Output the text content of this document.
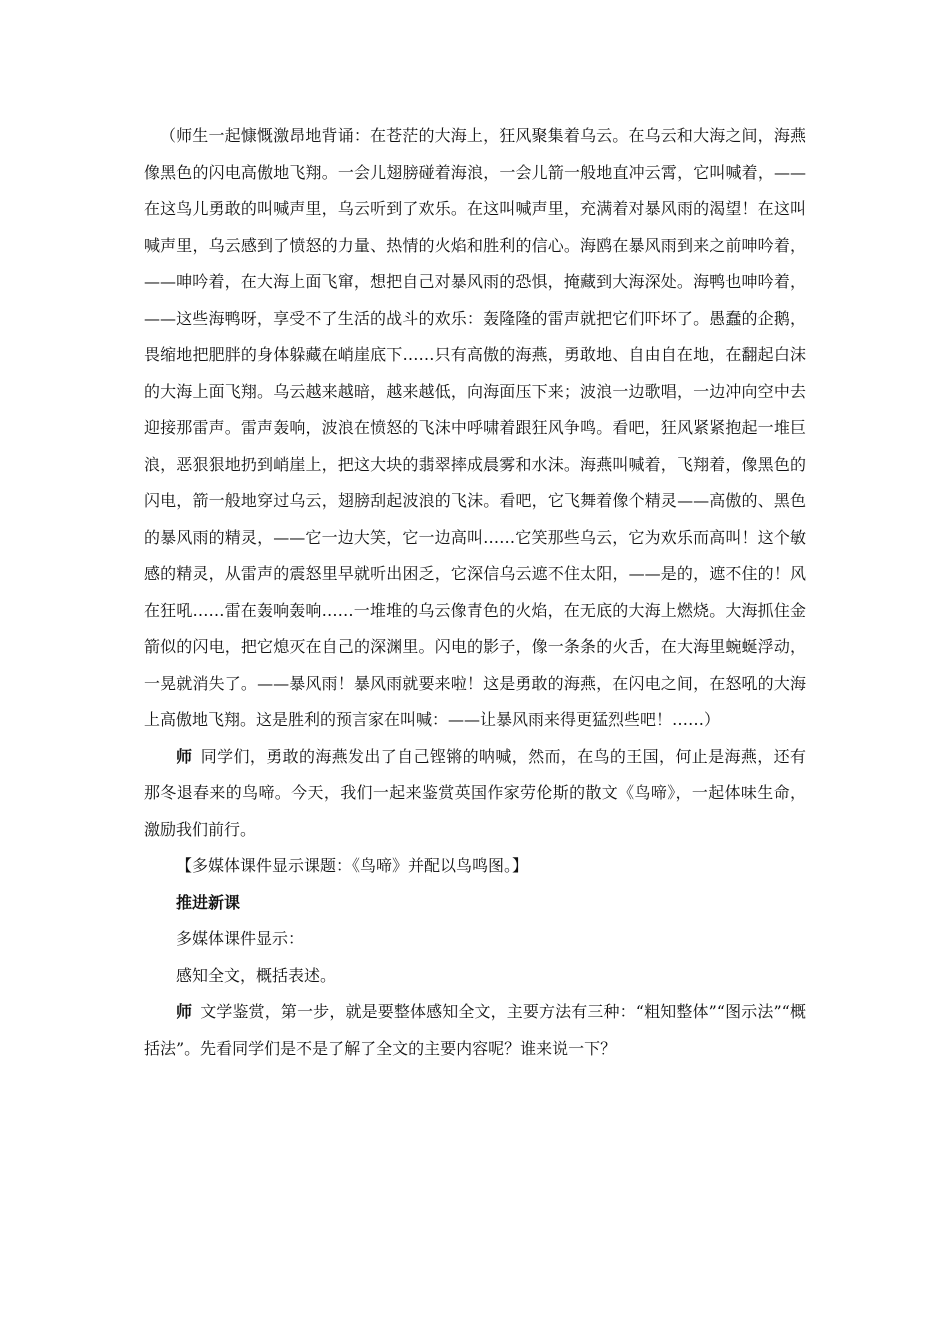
（师生一起慷慨激昂地背诵：在苍茫的大海上，狂风聚集着乌云。在乌云和大海之间，海燕像黑色的闪电高傲地飞翔。一会儿翅膀碰着海浪，一会儿箭一般地直冲云霄，它叫喊着，——在这鸟儿勇敢的叫喊声里，乌云听到了欢乐。在这叫喊声里，充满着对暴风雨的渴望！在这叫喊声里，乌云感到了愤怒的力量、热情的火焰和胜利的信心。海鸥在暴风雨到来之前呻吟着，——呻吟着，在大海上面飞窜，想把自己对暴风雨的恐惧，掩藏到大海深处。海鸭也呻吟着，——这些海鸭呀，享受不了生活的战斗的欢乐：轰隆隆的雷声就把它们吓坏了。愚蠢的企鹅，畏缩地把肥胖的身体躲藏在峭崖底下……只有高傲的海燕，勇敢地、自由自在地，在翻起白沫的大海上面飞翔。乌云越来越暗，越来越低，向海面压下来；波浪一边歌唱，一边冲向空中去迎接那雷声。雷声轰响，波浪在愤怒的飞沫中呼啸着跟狂风争鸣。看吧，狂风紧紧抱起一堆巨浪，恶狠狠地扔到峭崖上，把这大块的翡翠摔成晨雾和水沫。海燕叫喊着，飞翔着，像黑色的闪电，箭一般地穿过乌云，翅膀刮起波浪的飞沫。看吧，它飞舞着像个精灵——高傲的、黑色的暴风雨的精灵，——它一边大笑，它一边高叫……它笑那些乌云，它为欢乐而高叫！这个敏感的精灵，从雷声的震怒里早就听出困乏，它深信乌云遮不住太阳，——是的，遮不住的！风在狂吼……雷在轰响轰响……一堆堆的乌云像青色的火焰，在无底的大海上燃烧。大海抓住金箭似的闪电，把它熄灭在自己的深渊里。闪电的影子，像一条条的火舌，在大海里蜿蜒浮动，一晃就消失了。——暴风雨！暴风雨就要来啦！这是勇敢的海燕，在闪电之间，在怒吼的大海上高傲地飞翔。这是胜利的预言家在叫喊：——让暴风雨来得更猛烈些吧！……）

师 同学们，勇敢的海燕发出了自己铿锵的呐喊，然而，在鸟的王国，何止是海燕，还有那冬退春来的鸟啼。今天，我们一起来鉴赏英国作家劳伦斯的散文《鸟啼》，一起体味生命，激励我们前行。

【多媒体课件显示课题：《鸟啼》并配以鸟鸣图。】

推进新课

多媒体课件显示：

感知全文，概括表述。

师 文学鉴赏，第一步，就是要整体感知全文，主要方法有三种：“粗知整体”“图示法”“概括法”。先看同学们是不是了解了全文的主要内容呢？谁来说一下？
